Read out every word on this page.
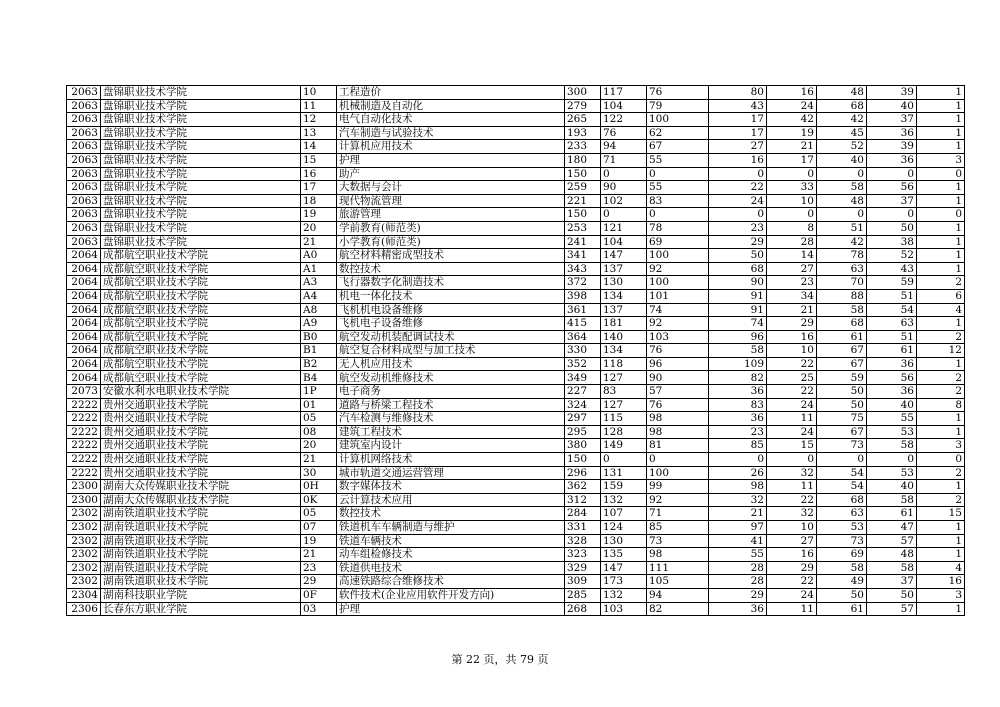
2063	盘锦职业技术学院	10	工程造价	300	117	76	80	16	48	39	1
2063	盘锦职业技术学院	11	机械制造及自动化	279	104	79	43	24	68	40	1
2063	盘锦职业技术学院	12	电气自动化技术	265	122	100	17	42	42	37	1
2063	盘锦职业技术学院	13	汽车制造与试验技术	193	76	62	17	19	45	36	1
2063	盘锦职业技术学院	14	计算机应用技术	233	94	67	27	21	52	39	1
2063	盘锦职业技术学院	15	护理	180	71	55	16	17	40	36	3
2063	盘锦职业技术学院	16	助产	150	0	0	0	0	0	0	0
2063	盘锦职业技术学院	17	大数据与会计	259	90	55	22	33	58	56	1
2063	盘锦职业技术学院	18	现代物流管理	221	102	83	24	10	48	37	1
2063	盘锦职业技术学院	19	旅游管理	150	0	0	0	0	0	0	0
2063	盘锦职业技术学院	20	学前教育(师范类)	253	121	78	23	8	51	50	1
2063	盘锦职业技术学院	21	小学教育(师范类)	241	104	69	29	28	42	38	1
2064	成都航空职业技术学院	A0	航空材料精密成型技术	341	147	100	50	14	78	52	1
2064	成都航空职业技术学院	A1	数控技术	343	137	92	68	27	63	43	1
2064	成都航空职业技术学院	A3	飞行器数字化制造技术	372	130	100	90	23	70	59	2
2064	成都航空职业技术学院	A4	机电一体化技术	398	134	101	91	34	88	51	6
2064	成都航空职业技术学院	A8	飞机机电设备维修	361	137	74	91	21	58	54	4
2064	成都航空职业技术学院	A9	飞机电子设备维修	415	181	92	74	29	68	63	1
2064	成都航空职业技术学院	B0	航空发动机装配调试技术	364	140	103	96	16	61	51	2
2064	成都航空职业技术学院	B1	航空复合材料成型与加工技术	330	134	76	58	10	67	61	12
2064	成都航空职业技术学院	B2	无人机应用技术	352	118	96	109	22	67	36	1
2064	成都航空职业技术学院	B4	航空发动机维修技术	349	127	90	82	25	59	56	2
2073	安徽水利水电职业技术学院	1P	电子商务	227	83	57	36	22	50	36	2
2222	贵州交通职业技术学院	01	道路与桥梁工程技术	324	127	76	83	24	50	40	8
2222	贵州交通职业技术学院	05	汽车检测与维修技术	297	115	98	36	11	75	55	1
2222	贵州交通职业技术学院	08	建筑工程技术	295	128	98	23	24	67	53	1
2222	贵州交通职业技术学院	20	建筑室内设计	380	149	81	85	15	73	58	3
2222	贵州交通职业技术学院	21	计算机网络技术	150	0	0	0	0	0	0	0
2222	贵州交通职业技术学院	30	城市轨道交通运营管理	296	131	100	26	32	54	53	2
2300	湖南大众传媒职业技术学院	0H	数字媒体技术	362	159	99	98	11	54	40	1
2300	湖南大众传媒职业技术学院	0K	云计算技术应用	312	132	92	32	22	68	58	2
2302	湖南铁道职业技术学院	05	数控技术	284	107	71	21	32	63	61	15
2302	湖南铁道职业技术学院	07	铁道机车车辆制造与维护	331	124	85	97	10	53	47	1
2302	湖南铁道职业技术学院	19	铁道车辆技术	328	130	73	41	27	73	57	1
2302	湖南铁道职业技术学院	21	动车组检修技术	323	135	98	55	16	69	48	1
2302	湖南铁道职业技术学院	23	铁道供电技术	329	147	111	28	29	58	58	4
2302	湖南铁道职业技术学院	29	高速铁路综合维修技术	309	173	105	28	22	49	37	16
2304	湖南科技职业学院	0F	软件技术(企业应用软件开发方向)	285	132	94	29	24	50	50	3
2306	长春东方职业学院	03	护理	268	103	82	36	11	61	57	1
第 22 页，共 79 页
